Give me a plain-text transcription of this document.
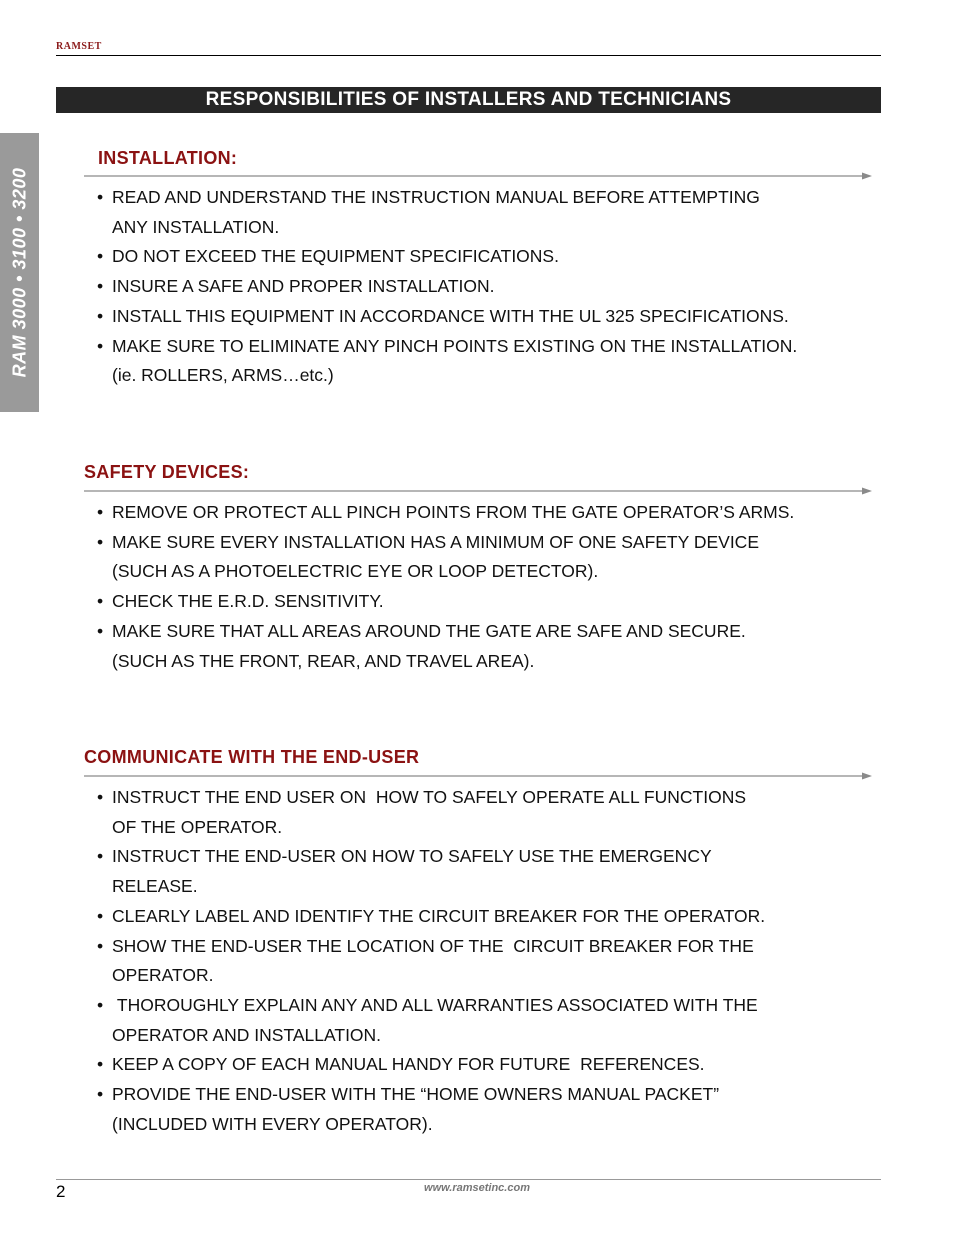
RAMSET
RESPONSIBILITIES OF INSTALLERS AND TECHNICIANS
RAM 3000 • 3100 • 3200
INSTALLATION:
• READ AND UNDERSTAND THE INSTRUCTION MANUAL BEFORE ATTEMPTING
ANY INSTALLATION.
• DO NOT EXCEED THE EQUIPMENT SPECIFICATIONS.
• INSURE A SAFE AND PROPER INSTALLATION.
• INSTALL THIS EQUIPMENT IN ACCORDANCE WITH THE UL 325 SPECIFICATIONS.
• MAKE SURE TO ELIMINATE ANY PINCH POINTS EXISTING ON THE INSTALLATION.
(ie. ROLLERS, ARMS…etc.)
SAFETY DEVICES:
• REMOVE OR PROTECT ALL PINCH POINTS FROM THE GATE OPERATOR’S ARMS.
• MAKE SURE EVERY INSTALLATION HAS A MINIMUM OF ONE SAFETY DEVICE
(SUCH AS A PHOTOELECTRIC EYE OR LOOP DETECTOR).
• CHECK THE E.R.D. SENSITIVITY.
• MAKE SURE THAT ALL AREAS AROUND THE GATE ARE SAFE AND SECURE.
(SUCH AS THE FRONT, REAR, AND TRAVEL AREA).
COMMUNICATE WITH THE END-USER
• INSTRUCT THE END USER ON  HOW TO SAFELY OPERATE ALL FUNCTIONS
OF THE OPERATOR.
• INSTRUCT THE END-USER ON HOW TO SAFELY USE THE EMERGENCY
RELEASE.
• CLEARLY LABEL AND IDENTIFY THE CIRCUIT BREAKER FOR THE OPERATOR.
• SHOW THE END-USER THE LOCATION OF THE  CIRCUIT BREAKER FOR THE
OPERATOR.
• THOROUGHLY EXPLAIN ANY AND ALL WARRANTIES ASSOCIATED WITH THE
OPERATOR AND INSTALLATION.
• KEEP A COPY OF EACH MANUAL HANDY FOR FUTURE  REFERENCES.
• PROVIDE THE END-USER WITH THE “HOME OWNERS MANUAL PACKET”
(INCLUDED WITH EVERY OPERATOR).
2	www.ramsetinc.com
